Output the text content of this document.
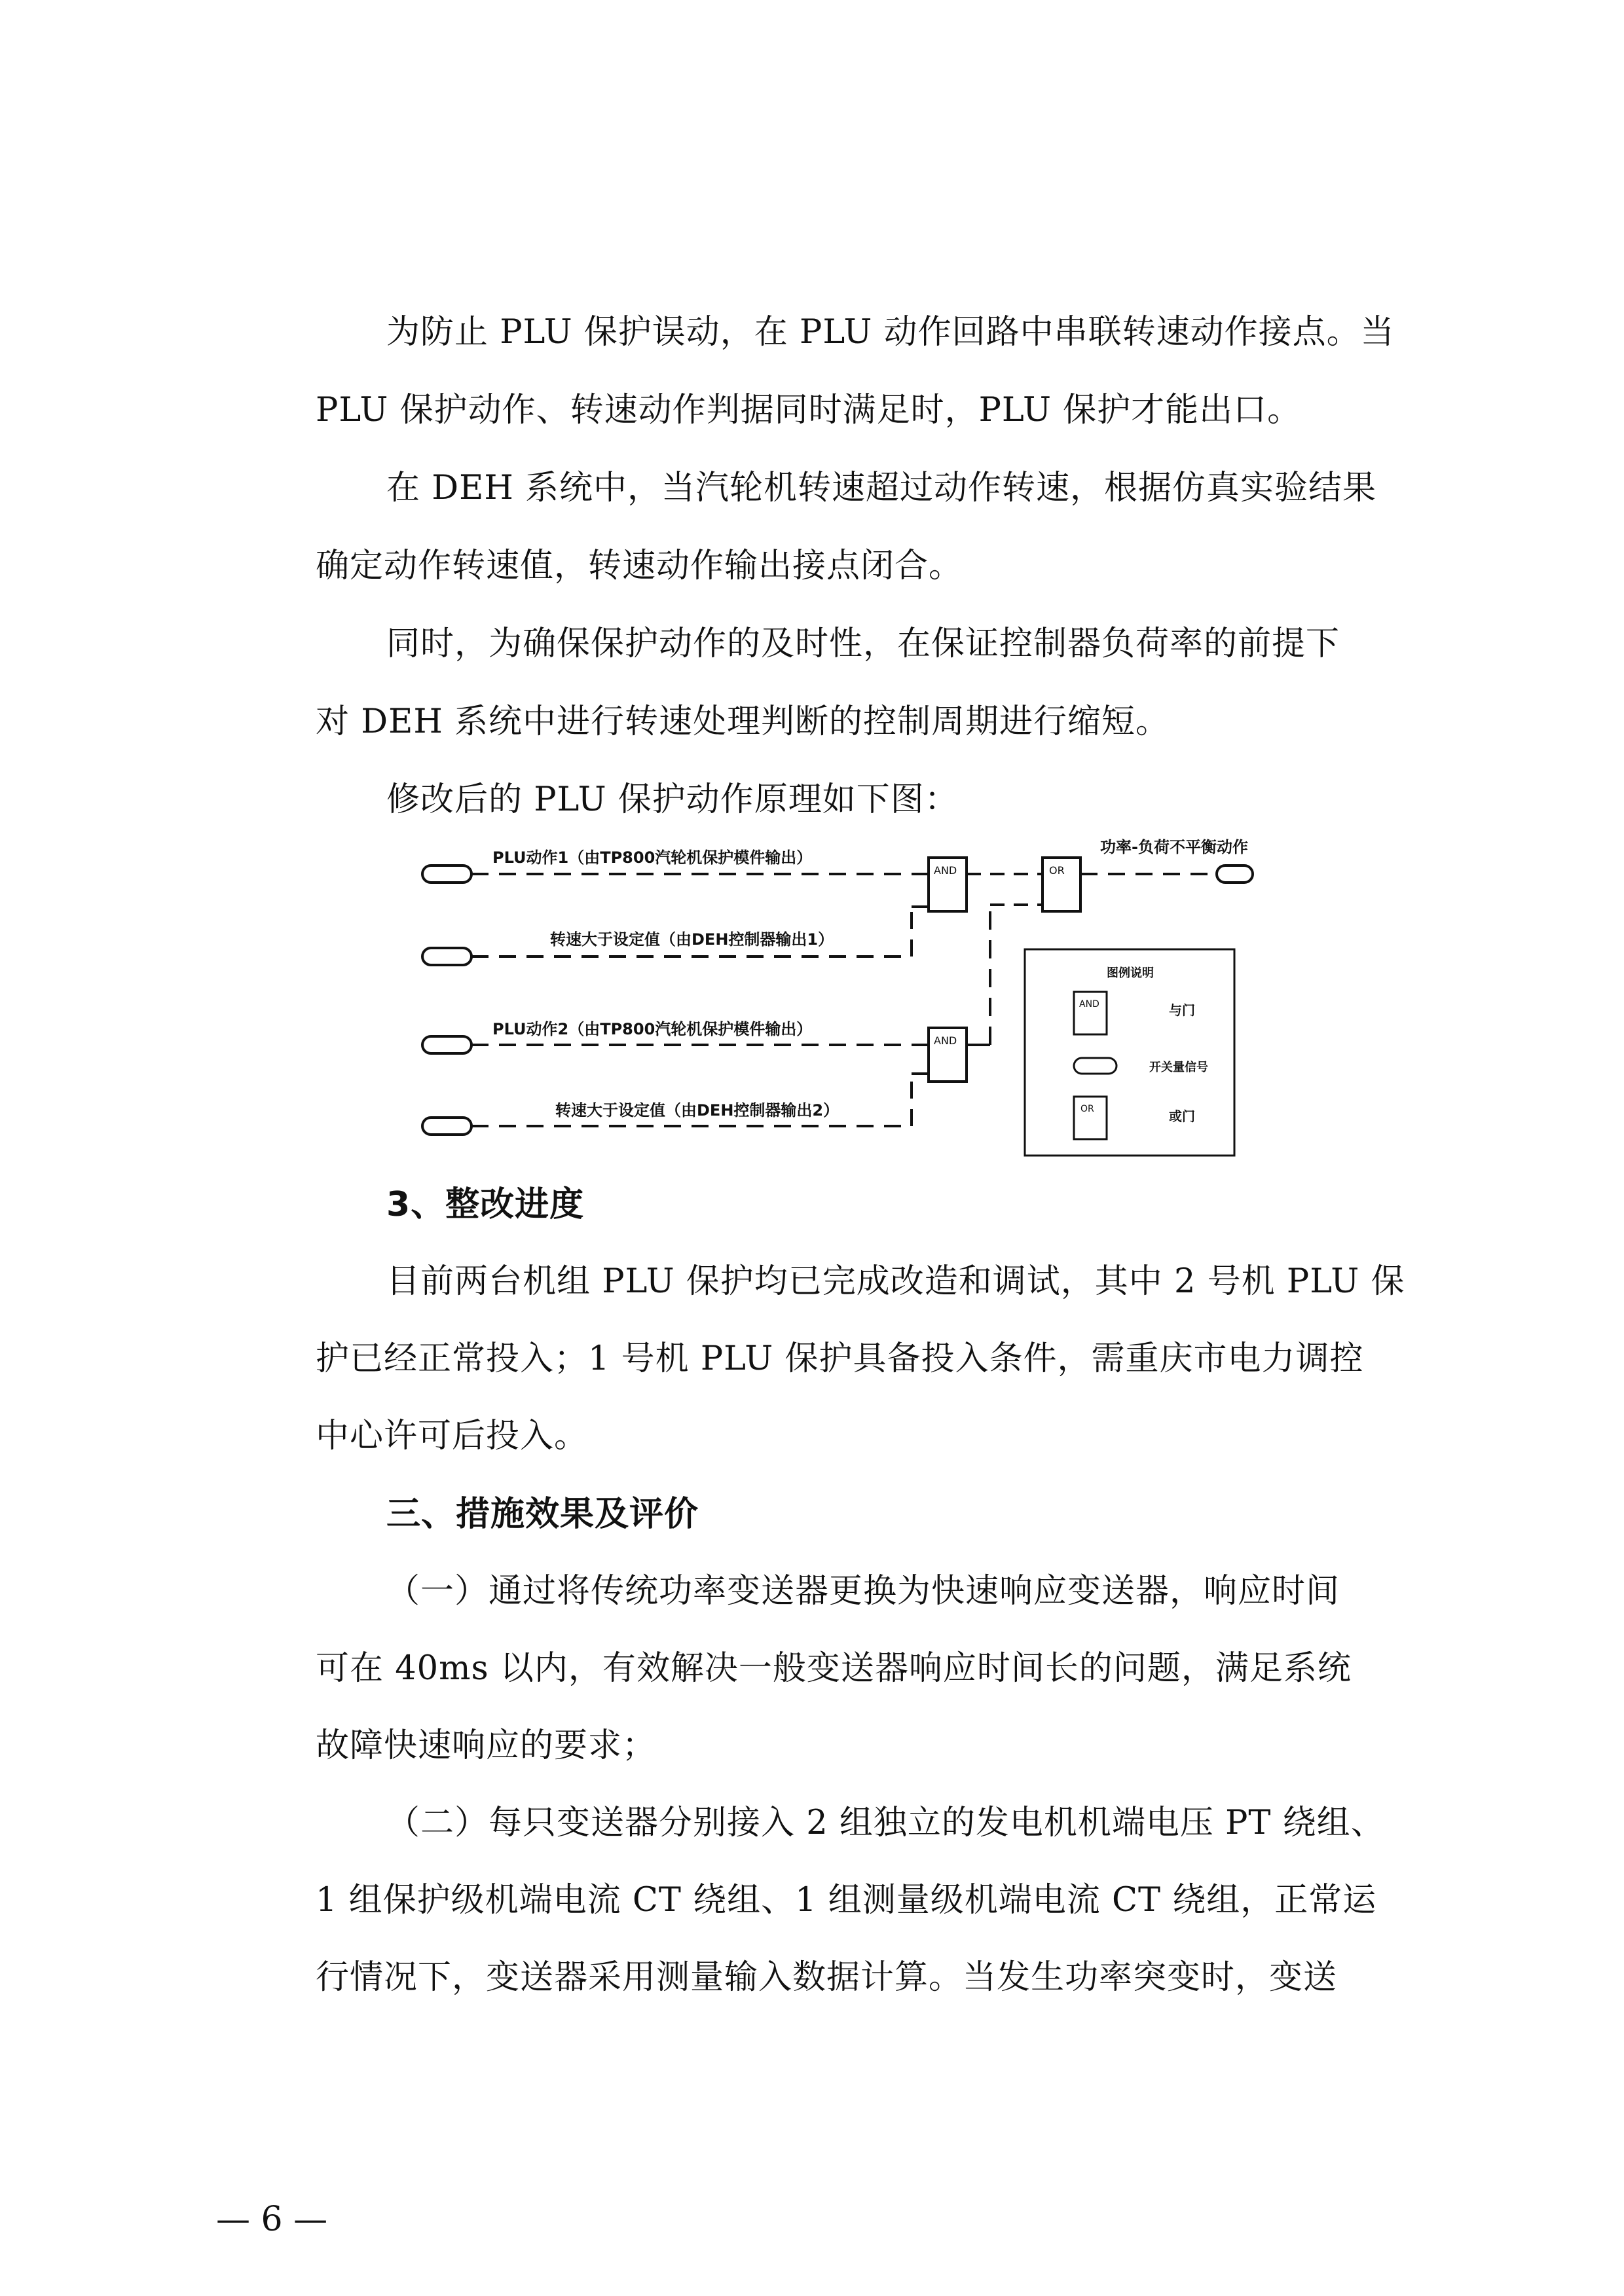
为防止 PLU 保护误动，在 PLU 动作回路中串联转速动作接点。当
PLU 保护动作、转速动作判据同时满足时，PLU 保护才能出口。
在 DEH 系统中，当汽轮机转速超过动作转速，根据仿真实验结果
确定动作转速值，转速动作输出接点闭合。
同时，为确保保护动作的及时性，在保证控制器负荷率的前提下
对 DEH 系统中进行转速处理判断的控制周期进行缩短。
修改后的 PLU 保护动作原理如下图：
PLU动作1（由TP800汽轮机保护模件输出）
转速大于设定值（由DEH控制器输出1）
PLU动作2（由TP800汽轮机保护模件输出）
转速大于设定值（由DEH控制器输出2）
AND
AND
OR
功率-负荷不平衡动作
图例说明
AND	与门
开关量信号
OR	或门
3、整改进度
目前两台机组 PLU 保护均已完成改造和调试，其中 2 号机 PLU 保
护已经正常投入；1 号机 PLU 保护具备投入条件，需重庆市电力调控
中心许可后投入。
三、措施效果及评价
（一）通过将传统功率变送器更换为快速响应变送器，响应时间
可在 40ms 以内，有效解决一般变送器响应时间长的问题，满足系统
故障快速响应的要求；
（二）每只变送器分别接入 2 组独立的发电机机端电压 PT 绕组、
1 组保护级机端电流 CT 绕组、1 组测量级机端电流 CT 绕组，正常运
行情况下，变送器采用测量输入数据计算。当发生功率突变时，变送
— 6 —
